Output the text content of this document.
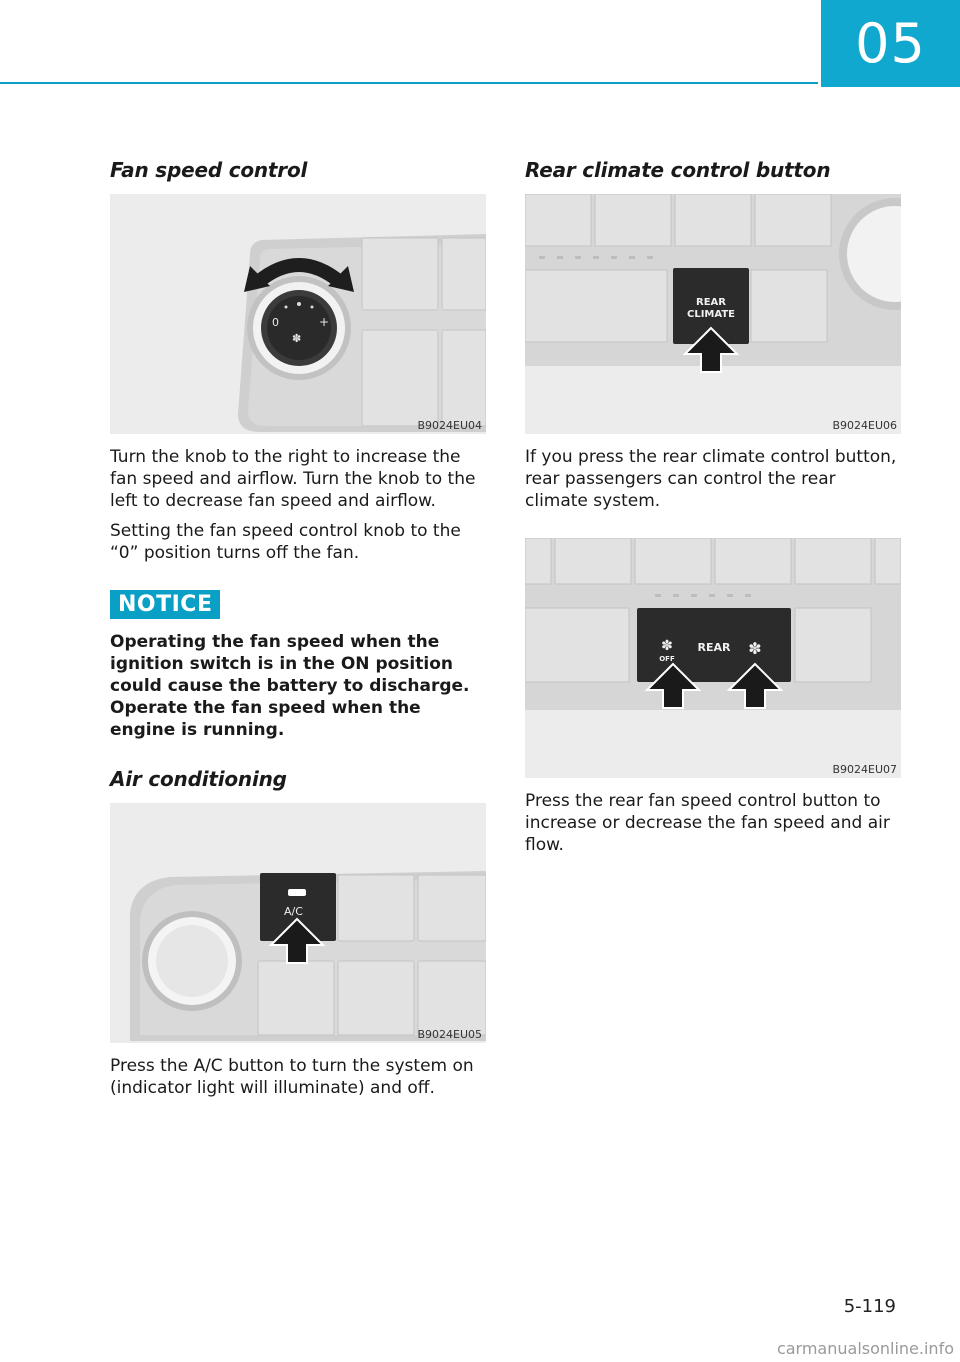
05
Fan speed control
0	+
✽
B9024EU04

Turn the knob to the right to increase the fan speed and airflow. Turn the knob to the left to decrease fan speed and airflow.

Setting the fan speed control knob to the “0” position turns off the fan.

NOTICE
Operating the fan speed when the ignition switch is in the ON position could cause the battery to discharge. Operate the fan speed when the engine is running.
Air conditioning
A/C
B9024EU05

Press the A/C button to turn the system on (indicator light will illuminate) and off.

Rear climate control button
REAR
CLIMATE
B9024EU06

If you press the rear climate control button, rear passengers can control the rear climate system.

✽
OFF
REAR ✽
B9024EU07

Press the rear fan speed control button to increase or decrease the fan speed and air flow.

5-119
carmanualsonline.info
